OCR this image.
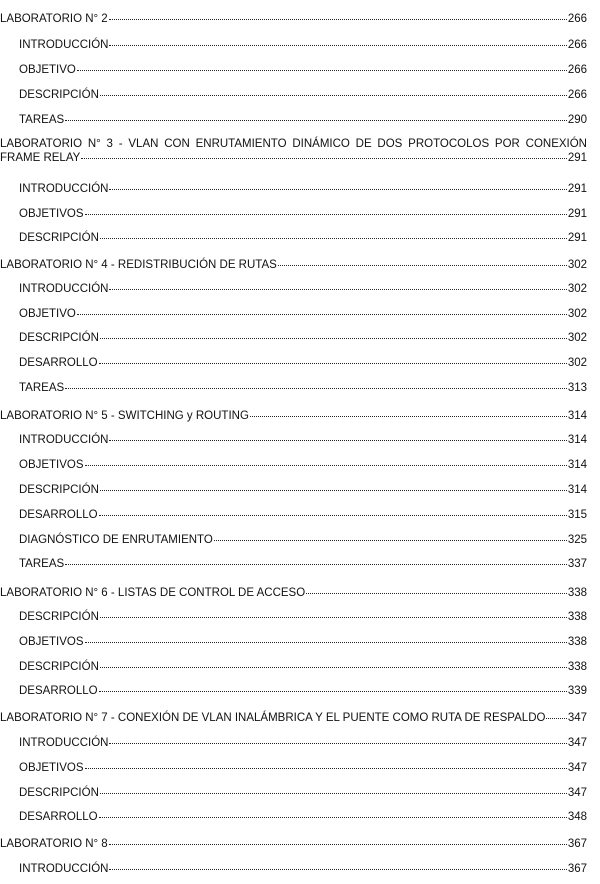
LABORATORIO N° 2	266
INTRODUCCIÓN	266
OBJETIVO	266
DESCRIPCIÓN	266
TAREAS	290
LABORATORIO N° 3 - VLAN CON ENRUTAMIENTO DINÁMICO DE DOS PROTOCOLOS POR CONEXIÓN
FRAME RELAY	291
INTRODUCCIÓN	291
OBJETIVOS	291
DESCRIPCIÓN	291
LABORATORIO N° 4 - REDISTRIBUCIÓN DE RUTAS	302
INTRODUCCIÓN	302
OBJETIVO	302
DESCRIPCIÓN	302
DESARROLLO	302
TAREAS	313
LABORATORIO N° 5 - SWITCHING y ROUTING	314
INTRODUCCIÓN	314
OBJETIVOS	314
DESCRIPCIÓN	314
DESARROLLO	315
DIAGNÓSTICO DE ENRUTAMIENTO	325
TAREAS	337
LABORATORIO N° 6 - LISTAS DE CONTROL DE ACCESO	338
DESCRIPCIÓN	338
OBJETIVOS	338
DESCRIPCIÓN	338
DESARROLLO	339
LABORATORIO N° 7 - CONEXIÓN DE VLAN INALÁMBRICA Y EL PUENTE COMO RUTA DE RESPALDO 347
INTRODUCCIÓN	347
OBJETIVOS	347
DESCRIPCIÓN	347
DESARROLLO	348
LABORATORIO N° 8	367
INTRODUCCIÓN	367
